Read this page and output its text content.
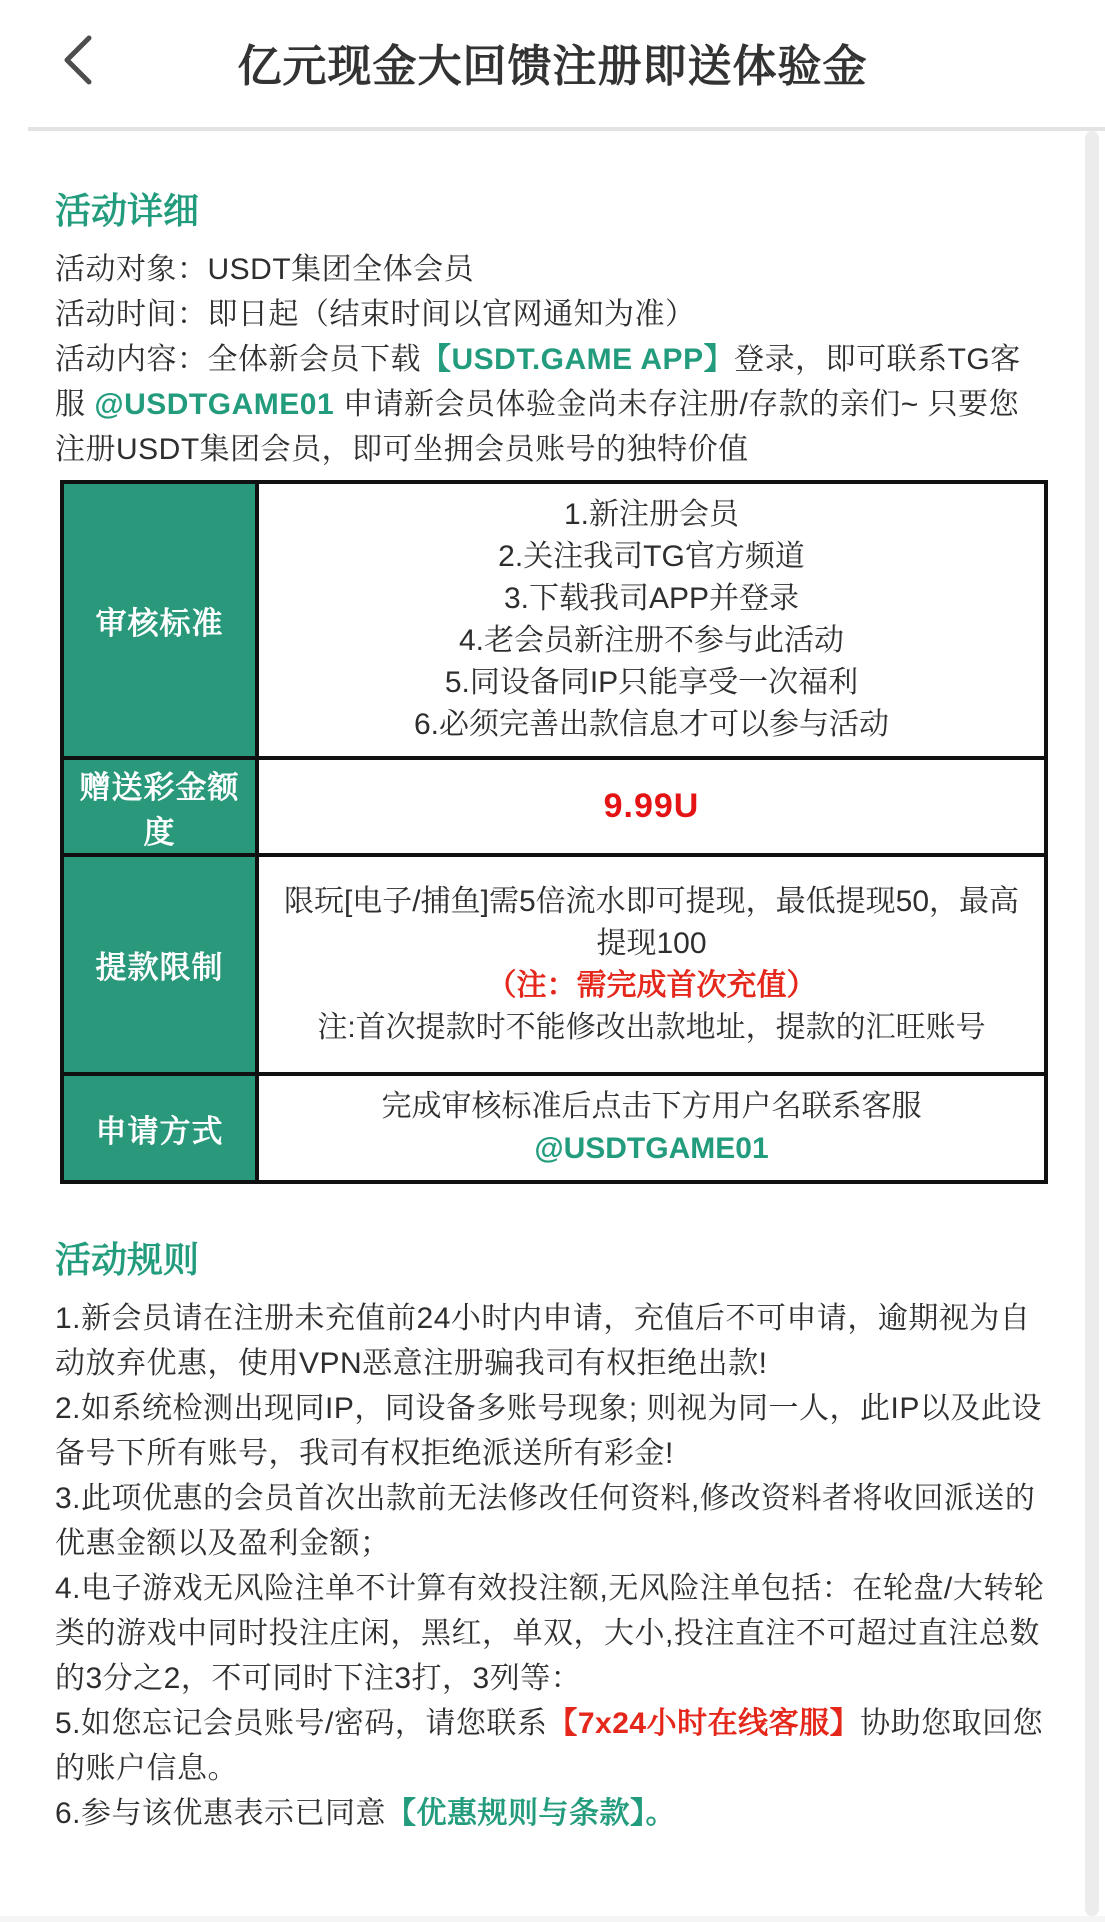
亿元现金大回馈注册即送体验金
活动详细

活动对象：USDT集团全体会员

活动时间：即日起（结束时间以官网通知为准）

活动内容：全体新会员下载【USDT.GAME APP】登录，即可联系TG客服 @USDTGAME01 申请新会员体验金尚未存注册/存款的亲们~ 只要您注册USDT集团会员，即可坐拥会员账号的独特价值

审核标准	
1.新注册会员
2.关注我司TG官方频道
3.下载我司APP并登录
4.老会员新注册不参与此活动
5.同设备同IP只能享受一次福利
6.必须完善出款信息才可以参与活动

赠送彩金额度	9.99U

提款限制	限玩[电子/捕鱼]需5倍流水即可提现，最低提现50，最高提现100
（注：需完成首次充值）
注:首次提款时不能修改出款地址，提款的汇旺账号

申请方式	完成审核标准后点击下方用户名联系客服 @USDTGAME01
活动规则

1.新会员请在注册未充值前24小时内申请，充值后不可申请，逾期视为自动放弃优惠，使用VPN恶意注册骗我司有权拒绝出款!

2.如系统检测出现同IP，同设备多账号现象; 则视为同一人，此IP以及此设备号下所有账号，我司有权拒绝派送所有彩金!

3.此项优惠的会员首次出款前无法修改任何资料,修改资料者将收回派送的优惠金额以及盈利金额；

4.电子游戏无风险注单不计算有效投注额,无风险注单包括：在轮盘/大转轮类的游戏中同时投注庄闲，黑红，单双，大小,投注直注不可超过直注总数的3分之2，不可同时下注3打，3列等：

5.如您忘记会员账号/密码，请您联系【7x24小时在线客服】协助您取回您的账户信息。

6.参与该优惠表示已同意【优惠规则与条款】。
